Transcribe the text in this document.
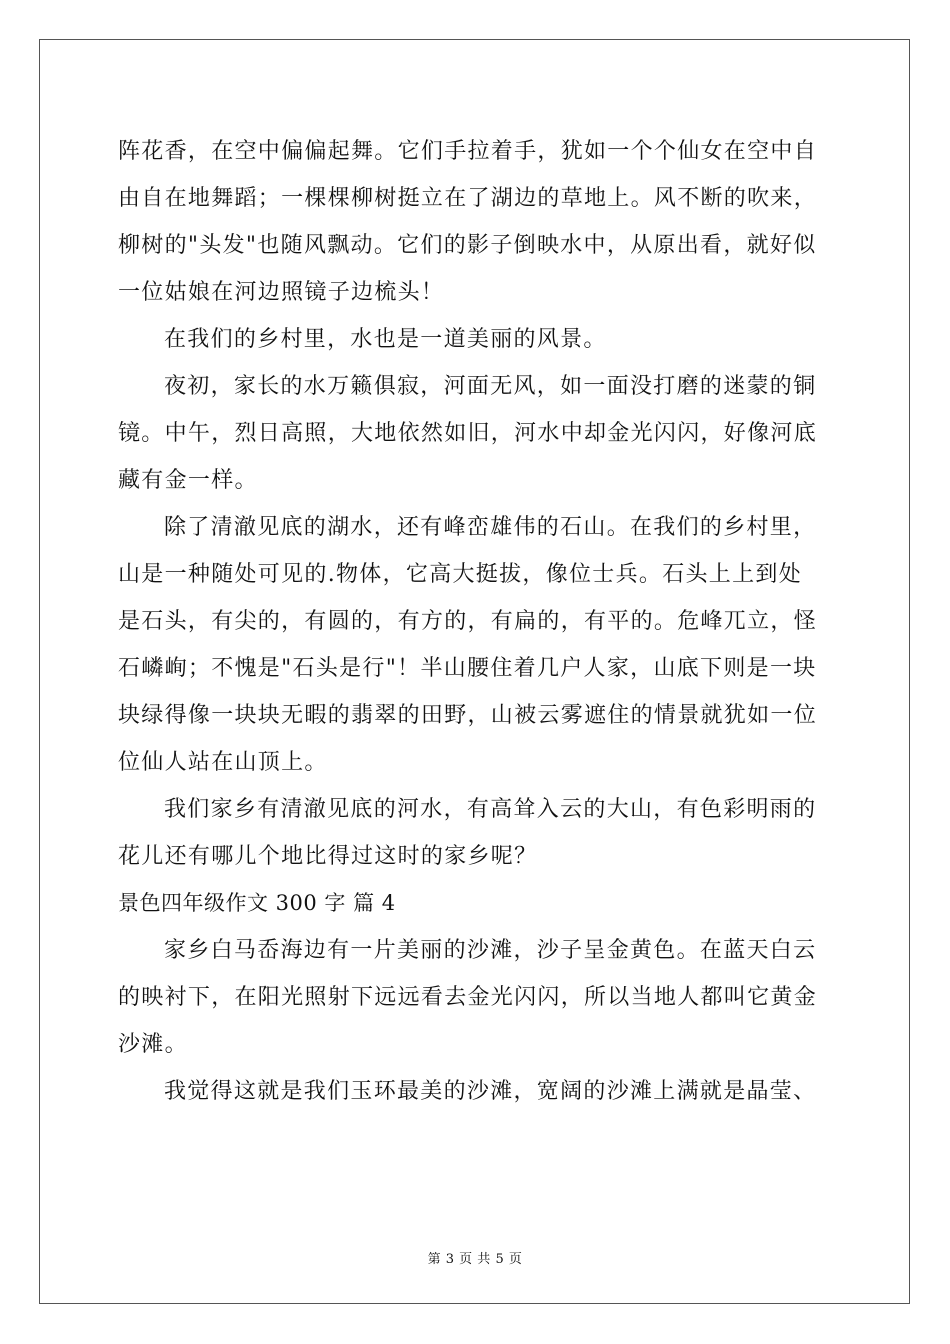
阵花香，在空中偏偏起舞。它们手拉着手，犹如一个个仙女在空中自
由自在地舞蹈；一棵棵柳树挺立在了湖边的草地上。风不断的吹来，
柳树的"头发"也随风飘动。它们的影子倒映水中，从原出看，就好似
一位姑娘在河边照镜子边梳头！
在我们的乡村里，水也是一道美丽的风景。
夜初，家长的水万籁俱寂，河面无风，如一面没打磨的迷蒙的铜
镜。中午，烈日高照，大地依然如旧，河水中却金光闪闪，好像河底
藏有金一样。
除了清澈见底的湖水，还有峰峦雄伟的石山。在我们的乡村里，
山是一种随处可见的.物体，它高大挺拔，像位士兵。石头上上到处
是石头，有尖的，有圆的，有方的，有扁的，有平的。危峰兀立，怪
石嶙峋；不愧是"石头是行"！半山腰住着几户人家，山底下则是一块
块绿得像一块块无暇的翡翠的田野，山被云雾遮住的情景就犹如一位
位仙人站在山顶上。
我们家乡有清澈见底的河水，有高耸入云的大山，有色彩明雨的
花儿还有哪儿个地比得过这时的家乡呢？
景色四年级作文 300 字 篇 4
家乡白马岙海边有一片美丽的沙滩，沙子呈金黄色。在蓝天白云
的映衬下，在阳光照射下远远看去金光闪闪，所以当地人都叫它黄金
沙滩。
我觉得这就是我们玉环最美的沙滩，宽阔的沙滩上满就是晶莹、
第 3 页 共 5 页
